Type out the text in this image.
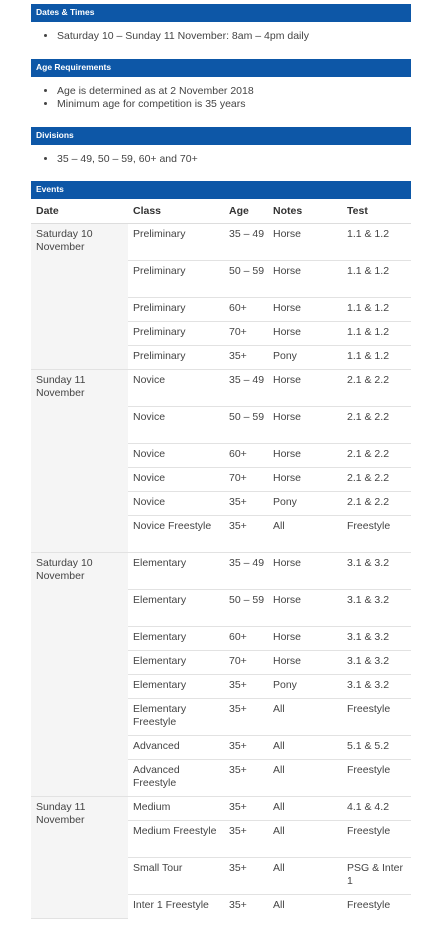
Dates & Times
• Saturday 10 – Sunday 11 November: 8am – 4pm daily
Age Requirements
• Age is determined as at 2 November 2018
• Minimum age for competition is 35 years
Divisions
• 35 – 49, 50 – 59, 60+ and 70+
Events
Date	Class	Age	Notes	Test
Saturday 10 November	Preliminary	35 – 49	Horse	1.1 & 1.2
	Preliminary	50 – 59	Horse	1.1 & 1.2
	Preliminary	60+	Horse	1.1 & 1.2
	Preliminary	70+	Horse	1.1 & 1.2
	Preliminary	35+	Pony	1.1 & 1.2
Sunday 11 November	Novice	35 – 49	Horse	2.1 & 2.2
	Novice	50 – 59	Horse	2.1 & 2.2
	Novice	60+	Horse	2.1 & 2.2
	Novice	70+	Horse	2.1 & 2.2
	Novice	35+	Pony	2.1 & 2.2
	Novice Freestyle	35+	All	Freestyle
Saturday 10 November	Elementary	35 – 49	Horse	3.1 & 3.2
	Elementary	50 – 59	Horse	3.1 & 3.2
	Elementary	60+	Horse	3.1 & 3.2
	Elementary	70+	Horse	3.1 & 3.2
	Elementary	35+	Pony	3.1 & 3.2
	Elementary Freestyle	35+	All	Freestyle
	Advanced	35+	All	5.1 & 5.2
	Advanced Freestyle	35+	All	Freestyle
Sunday 11 November	Medium	35+	All	4.1 & 4.2
	Medium Freestyle	35+	All	Freestyle
	Small Tour	35+	All	PSG & Inter 1
	Inter 1 Freestyle	35+	All	Freestyle
